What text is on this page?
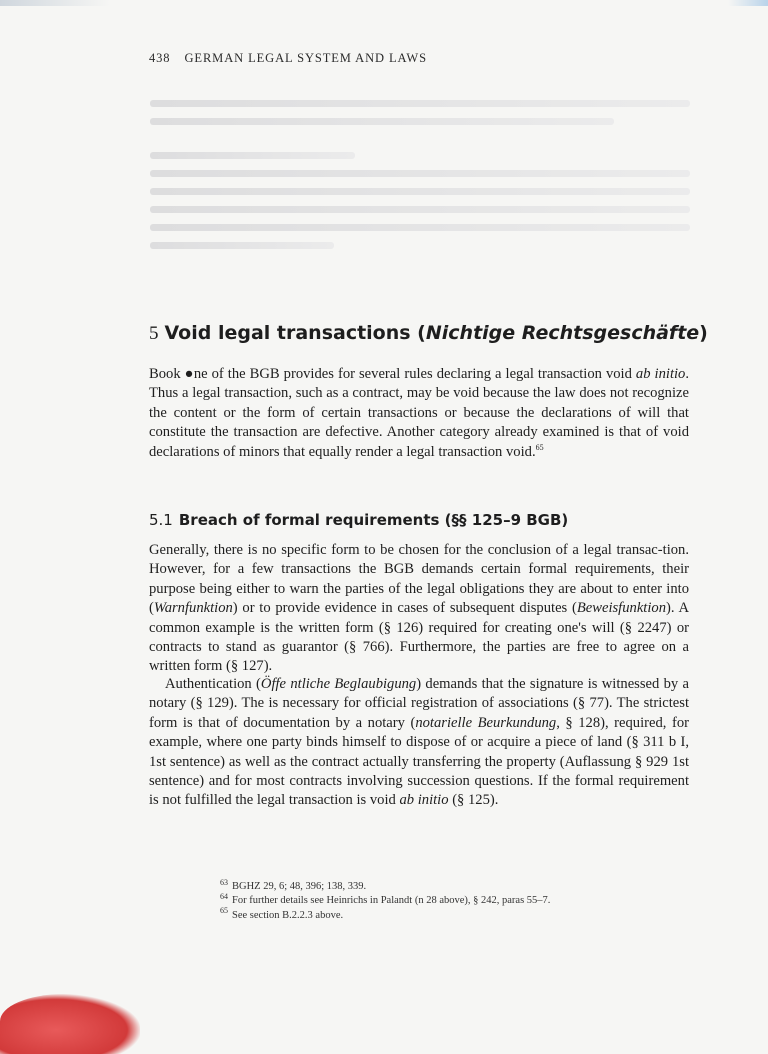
438 GERMAN LEGAL SYSTEM AND LAWS
5 Void legal transactions (Nichtige Rechtsgeschäfte)

Book ●ne of the BGB provides for several rules declaring a legal transaction void ab initio. Thus a legal transaction, such as a contract, may be void because the law does not recognize the content or the form of certain transactions or because the declarations of will that constitute the transaction are defective. Another category already examined is that of void declarations of minors that equally render a legal transaction void.$^{65}$

5.1 Breach of formal requirements (§§ 125–9 BGB)

Generally, there is no specific form to be chosen for the conclusion of a legal transac-tion. However, for a few transactions the BGB demands certain formal requirements, their purpose being either to warn the parties of the legal obligations they are about to enter into (Warnfunktion) or to provide evidence in cases of subsequent disputes (Beweisfunktion). A common example is the written form (§ 126) required for creating one's will (§ 2247) or contracts to stand as guarantor (§ 766). Furthermore, the parties are free to agree on a written form (§ 127).

Authentication (Öffe ntliche Beglaubigung) demands that the signature is witnessed by a notary (§ 129). The is necessary for official registration of associations (§ 77). The strictest form is that of documentation by a notary (notarielle Beurkundung, § 128), required, for example, where one party binds himself to dispose of or acquire a piece of land (§ 311 b I, 1st sentence) as well as the contract actually transferring the property (Auflassung § 929 1st sentence) and for most contracts involving succession questions. If the formal requirement is not fulfilled the legal transaction is void ab initio (§ 125).

$^{63}$ BGHZ 29, 6; 48, 396; 138, 339.
$^{64}$ For further details see Heinrichs in Palandt (n 28 above), § 242, paras 55–7.
$^{65}$ See section B.2.2.3 above.
